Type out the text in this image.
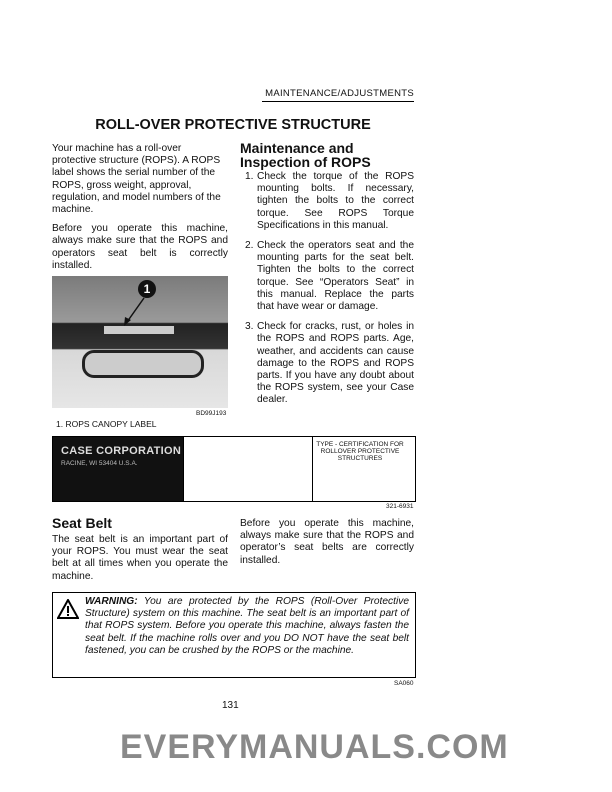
MAINTENANCE/ADJUSTMENTS
ROLL-OVER PROTECTIVE STRUCTURE

Your machine has a roll-over protective structure (ROPS). A ROPS label shows the serial number of the ROPS, gross weight, approval, regulation, and model numbers of the machine.

Before you operate this machine, always make sure that the ROPS and operators seat belt is correctly installed.

1
BD99J193
1. ROPS CANOPY LABEL
Maintenance and Inspection of ROPS
1. Check the torque of the ROPS mounting bolts. If necessary, tighten the bolts to the correct torque. See ROPS Torque Specifications in this manual.
2. Check the operators seat and the mounting parts for the seat belt. Tighten the bolts to the correct torque. See “Operators Seat” in this manual. Replace the parts that have wear or damage.
3. Check for cracks, rust, or holes in the ROPS and ROPS parts. Age, weather, and accidents can cause damage to the ROPS and ROPS parts. If you have any doubt about the ROPS system, see your Case dealer.
CASE CORPORATION
RACINE, WI 53404 U.S.A.
TYPE - CERTIFICATION FOR ROLLOVER PROTECTIVE STRUCTURES
321-6931
Seat Belt
The seat belt is an important part of your ROPS. You must wear the seat belt at all times when you operate the machine.
Before you operate this machine, always make sure that the ROPS and operator’s seat belts are correctly installed.
WARNING: You are protected by the ROPS (Roll-Over Protective Structure) system on this machine. The seat belt is an important part of that ROPS system. Before you operate this machine, always fasten the seat belt. If the machine rolls over and you DO NOT have the seat belt fastened, you can be crushed by the ROPS or the machine.
SA060
131
EVERYMANUALS.COM
